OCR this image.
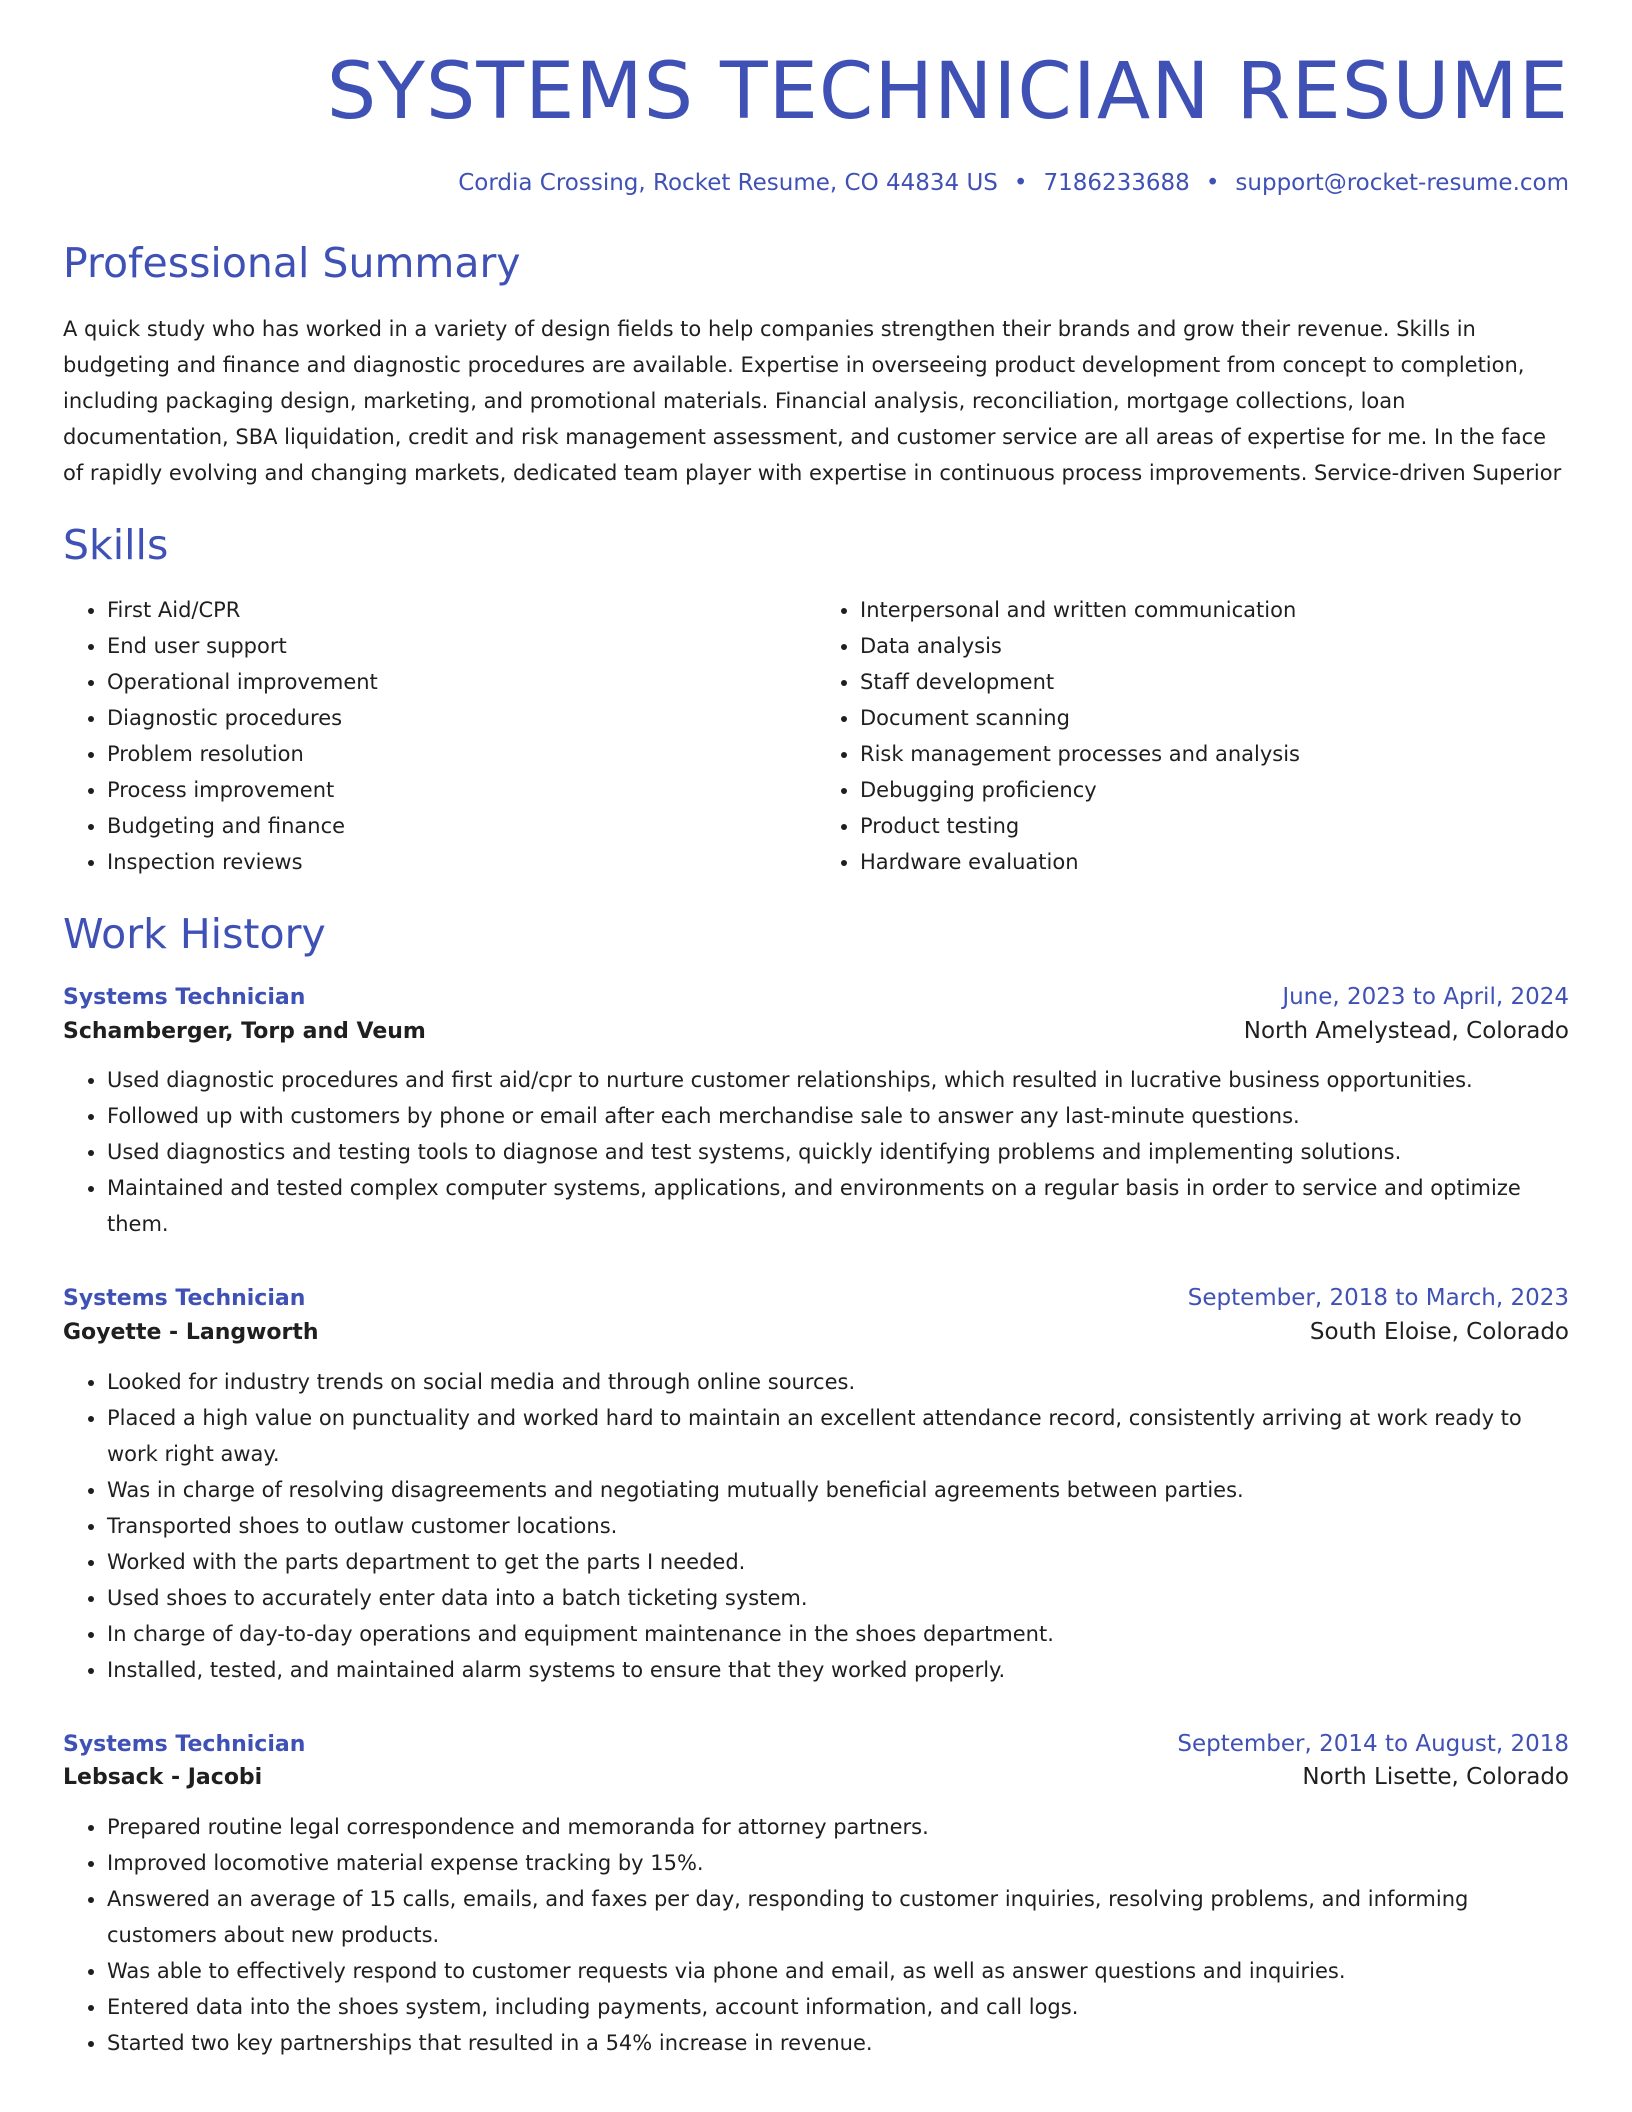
SYSTEMS TECHNICIAN RESUME
Cordia Crossing, Rocket Resume, CO 44834 US • 7186233688 • support@rocket-resume.com
Professional Summary

A quick study who has worked in a variety of design fields to help companies strengthen their brands and grow their revenue. Skills in budgeting and finance and diagnostic procedures are available. Expertise in overseeing product development from concept to completion, including packaging design, marketing, and promotional materials. Financial analysis, reconciliation, mortgage collections, loan documentation, SBA liquidation, credit and risk management assessment, and customer service are all areas of expertise for me. In the face of rapidly evolving and changing markets, dedicated team player with expertise in continuous process improvements. Service-driven Superior

Skills
• First Aid/CPR
• End user support
• Operational improvement
• Diagnostic procedures
• Problem resolution
• Process improvement
• Budgeting and finance
• Inspection reviews
• Interpersonal and written communication
• Data analysis
• Staff development
• Document scanning
• Risk management processes and analysis
• Debugging proficiency
• Product testing
• Hardware evaluation
Work History
Systems Technician	June, 2023 to April, 2024
Schamberger, Torp and Veum	North Amelystead, Colorado
• Used diagnostic procedures and first aid/cpr to nurture customer relationships, which resulted in lucrative business opportunities.
• Followed up with customers by phone or email after each merchandise sale to answer any last-minute questions.
• Used diagnostics and testing tools to diagnose and test systems, quickly identifying problems and implementing solutions.
• Maintained and tested complex computer systems, applications, and environments on a regular basis in order to service and optimize them.
Systems Technician	September, 2018 to March, 2023
Goyette - Langworth	South Eloise, Colorado
• Looked for industry trends on social media and through online sources.
• Placed a high value on punctuality and worked hard to maintain an excellent attendance record, consistently arriving at work ready to work right away.
• Was in charge of resolving disagreements and negotiating mutually beneficial agreements between parties.
• Transported shoes to outlaw customer locations.
• Worked with the parts department to get the parts I needed.
• Used shoes to accurately enter data into a batch ticketing system.
• In charge of day-to-day operations and equipment maintenance in the shoes department.
• Installed, tested, and maintained alarm systems to ensure that they worked properly.
Systems Technician	September, 2014 to August, 2018
Lebsack - Jacobi	North Lisette, Colorado
• Prepared routine legal correspondence and memoranda for attorney partners.
• Improved locomotive material expense tracking by 15%.
• Answered an average of 15 calls, emails, and faxes per day, responding to customer inquiries, resolving problems, and informing customers about new products.
• Was able to effectively respond to customer requests via phone and email, as well as answer questions and inquiries.
• Entered data into the shoes system, including payments, account information, and call logs.
• Started two key partnerships that resulted in a 54% increase in revenue.
